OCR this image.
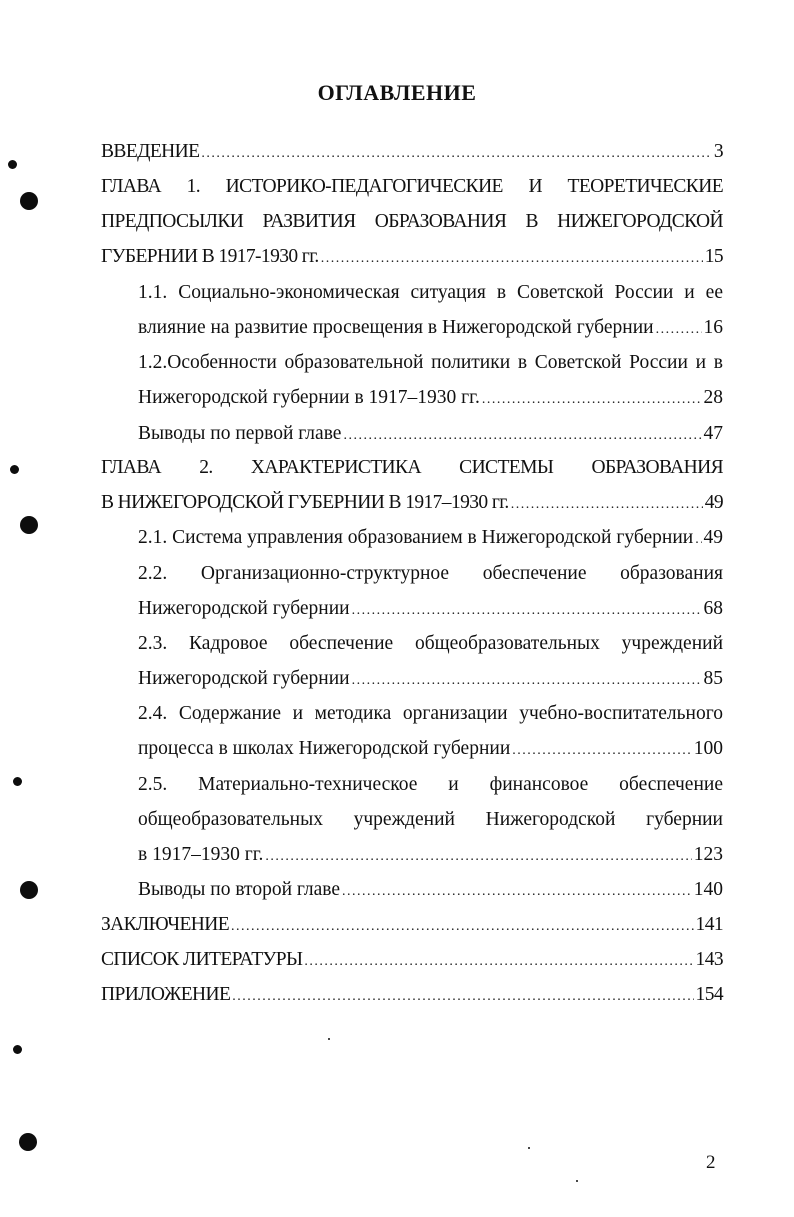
ОГЛАВЛЕНИЕ
ВВЕДЕНИЕ .....	3
ГЛАВА 1. ИСТОРИКО-ПЕДАГОГИЧЕСКИЕ И ТЕОРЕТИЧЕСКИЕ
ПРЕДПОСЫЛКИ РАЗВИТИЯ ОБРАЗОВАНИЯ В НИЖЕГОРОДСКОЙ
ГУБЕРНИИ В 1917-1930 гг. .....	15
1.1. Социально-экономическая ситуация в Советской России и ее
влияние на развитие просвещения в Нижегородской губернии .....	16
1.2.Особенности образовательной политики в Советской России и в
Нижегородской губернии в 1917–1930 гг. .....	28
Выводы по первой главе .....	47
ГЛАВА 2. ХАРАКТЕРИСТИКА СИСТЕМЫ ОБРАЗОВАНИЯ
В НИЖЕГОРОДСКОЙ ГУБЕРНИИ В 1917–1930 гг. .....	49
2.1. Система управления образованием в Нижегородской губернии ..... 49
2.2. Организационно-структурное обеспечение образования
Нижегородской губернии .....	68
2.3. Кадровое обеспечение общеобразовательных учреждений
Нижегородской губернии .....	85
2.4. Содержание и методика организации учебно-воспитательного
процесса в школах Нижегородской губернии .....	100
2.5. Материально-техническое и финансовое обеспечение
общеобразовательных учреждений Нижегородской губернии
в 1917–1930 гг. .....	123
Выводы по второй главе .....	140
ЗАКЛЮЧЕНИЕ .....	141
СПИСОК ЛИТЕРАТУРЫ .....	143
ПРИЛОЖЕНИЕ .....	154
2
